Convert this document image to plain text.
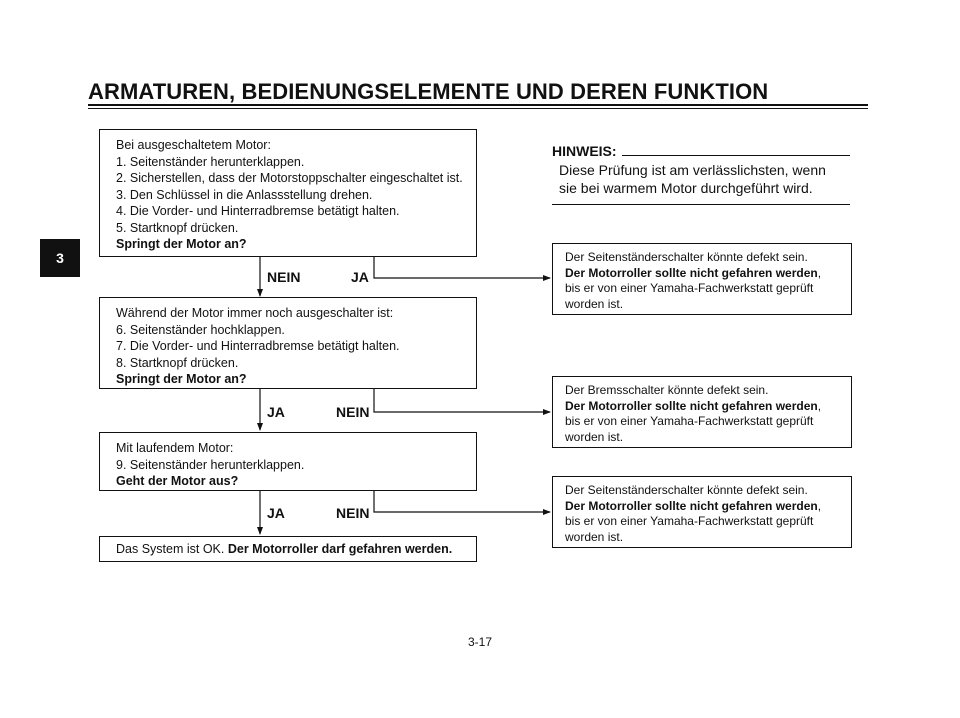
ARMATUREN, BEDIENUNGSELEMENTE UND DEREN FUNKTION
3
Bei ausgeschaltetem Motor:
1. Seitenständer herunterklappen.
2. Sicherstellen, dass der Motorstoppschalter eingeschaltet ist.
3. Den Schlüssel in die Anlassstellung drehen.
4. Die Vorder- und Hinterradbremse betätigt halten.
5. Startknopf drücken.
Springt der Motor an?
NEIN	JA
Während der Motor immer noch ausgeschalter ist:
6. Seitenständer hochklappen.
7. Die Vorder- und Hinterradbremse betätigt halten.
8. Startknopf drücken.
Springt der Motor an?
JA	NEIN
Mit laufendem Motor:
9. Seitenständer herunterklappen.
Geht der Motor aus?
JA	NEIN
Das System ist OK. Der Motorroller darf gefahren werden.
HINWEIS:
Diese Prüfung ist am verlässlichsten, wenn
sie bei warmem Motor durchgeführt wird.
Der Seitenständerschalter könnte defekt sein.
Der Motorroller sollte nicht gefahren werden,
bis er von einer Yamaha-Fachwerkstatt geprüft
worden ist.
Der Bremsschalter könnte defekt sein.
Der Motorroller sollte nicht gefahren werden,
bis er von einer Yamaha-Fachwerkstatt geprüft
worden ist.
Der Seitenständerschalter könnte defekt sein.
Der Motorroller sollte nicht gefahren werden,
bis er von einer Yamaha-Fachwerkstatt geprüft
worden ist.
3-17
